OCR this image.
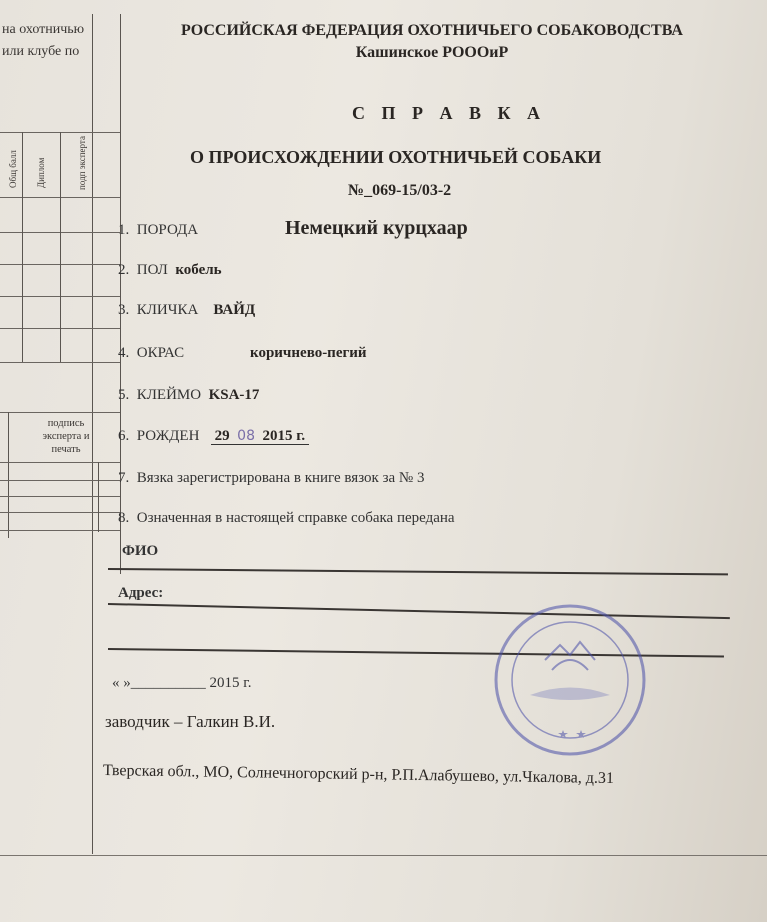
на охотничью
или клубе по
Общ балл Диплом	подп эксперта
подпись
эксперта и
печать
РОССИЙСКАЯ ФЕДЕРАЦИЯ ОХОТНИЧЬЕГО СОБАКОВОДСТВА
Кашинское РОООиР
С П Р А В К А
О ПРОИСХОЖДЕНИИ ОХОТНИЧЬЕЙ СОБАКИ
№_069-15/03-2
1. ПОРОДА	Немецкий курцхаар
2. ПОЛ кобель
3. КЛИЧКА ВАЙД
4. ОКРАС	коричнево-пегий
5. КЛЕЙМО KSA-17
6. РОЖДЕН 29 08 2015 г.
7. Вязка зарегистрирована в книге вязок за № 3
8. Означенная в настоящей справке собака передана
ФИО
Адрес:
« »__________ 2015 г.
заводчик – Галкин В.И.
Тверская обл., МО, Солнечногорский р-н, Р.П.Алабушево, ул.Чкалова, д.31
